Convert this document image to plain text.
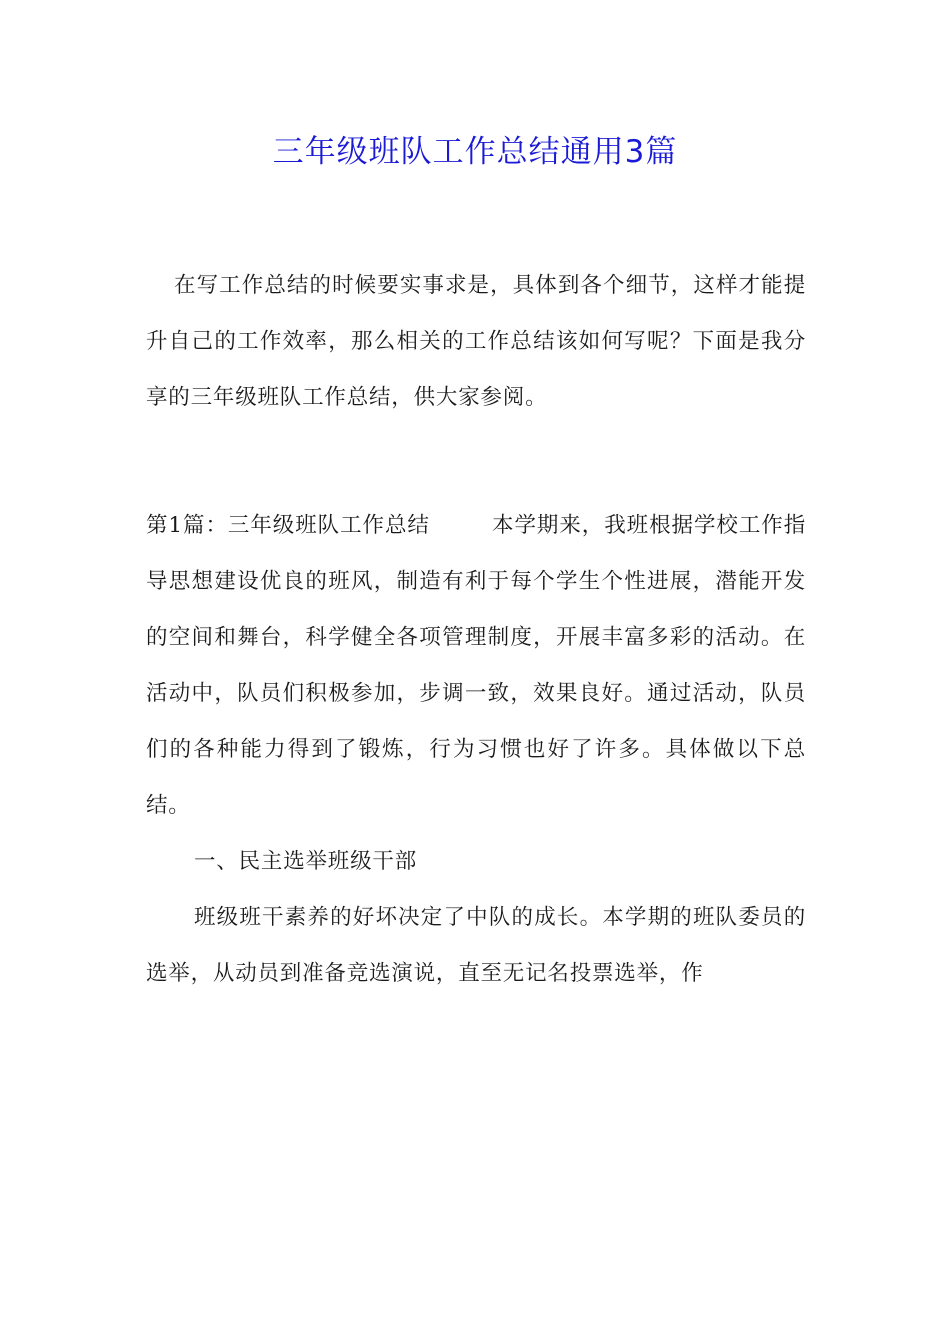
三年级班队工作总结通用3篇

在写工作总结的时候要实事求是，具体到各个细节，这样才能提升自己的工作效率，那么相关的工作总结该如何写呢？下面是我分享的三年级班队工作总结，供大家参阅。

第1篇：三年级班队工作总结	本学期来，我班根据学校工作指导思想建设优良的班风，制造有利于每个学生个性进展，潜能开发的空间和舞台，科学健全各项管理制度，开展丰富多彩的活动。在活动中，队员们积极参加，步调一致，效果良好。通过活动，队员们的各种能力得到了锻炼，行为习惯也好了许多。具体做以下总结。

一、民主选举班级干部

班级班干素养的好坏决定了中队的成长。本学期的班队委员的选举，从动员到准备竞选演说，直至无记名投票选举，作
